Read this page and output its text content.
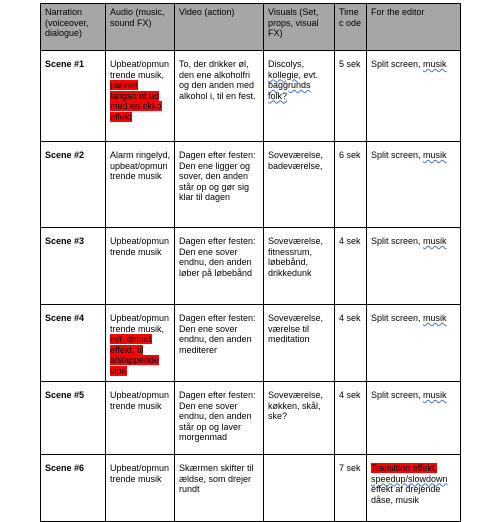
Narration (voiceover, dialogue)	Audio (music, sound FX)	Video (action)	Visuals (Set, props, visual FX)	Timec ode	For the editor
Scene #1	Upbeat/opmun trende musik, panner langsomt ud med en ekko effekt	To, der drikker øl, den ene alkoholfri og den anden med alkohol i, til en fest.	Discolys, kollegie, evt. baggrunds folk?	5 sek	Split screen, musik
Scene #2	Alarm ringelyd, upbeat/opmun trende musik	Dagen efter festen: Den ene ligger og sover, den anden står op og gør sig klar til dagen	Soveværelse, badeværelse,	6 sek	Split screen, musik
Scene #3	Upbeat/opmun trende musik	Dagen efter festen: Den ene sover endnu, den anden løber på løbebånd	Soveværelse, fitnessrum, løbebånd, drikkedunk	4 sek	Split screen, musik
Scene #4	Upbeat/opmun trende musik, evt. distort effekt, til afslappende vibe	Dagen efter festen: Den ene sover endnu, den anden mediterer	Soveværelse, værelse til meditation	4 sek	Split screen, musik
Scene #5	Upbeat/opmun trende musik	Dagen efter festen: Den ene sover endnu, den anden står op og laver morgenmad	Soveværelse, køkken, skål, ske?	4 sek	Split screen, musik
Scene #6	Upbeat/opmun trende musik	Skærmen skifter til ældse, som drejer rundt		7 sek	Transition effekt, speedup/slowdown effekt af drejende dåse, musik
